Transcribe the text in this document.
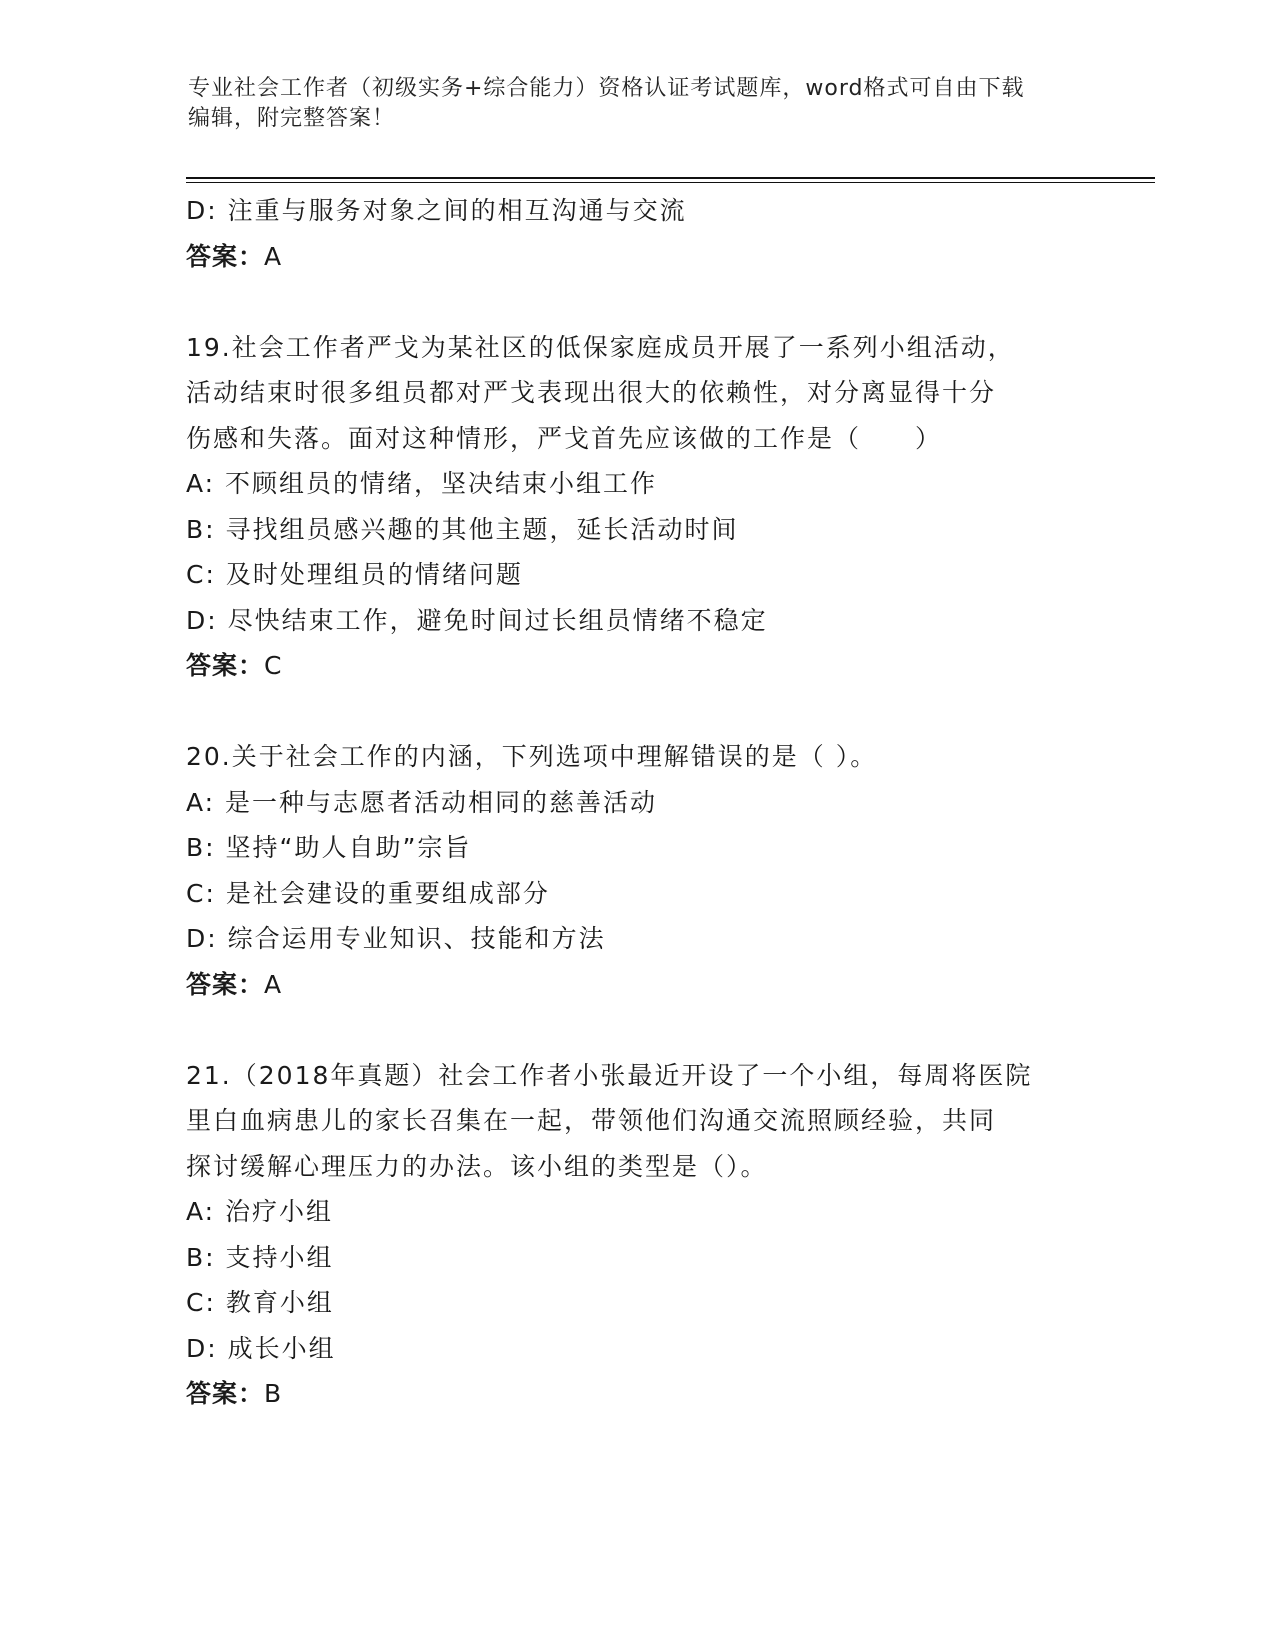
专业社会工作者（初级实务+综合能力）资格认证考试题库，word格式可自由下载
编辑，附完整答案！
D: 注重与服务对象之间的相互沟通与交流
答案：A
19.社会工作者严戈为某社区的低保家庭成员开展了一系列小组活动，
活动结束时很多组员都对严戈表现出很大的依赖性，对分离显得十分
伤感和失落。面对这种情形，严戈首先应该做的工作是（　　）
A: 不顾组员的情绪，坚决结束小组工作
B: 寻找组员感兴趣的其他主题，延长活动时间
C: 及时处理组员的情绪问题
D: 尽快结束工作，避免时间过长组员情绪不稳定
答案：C
20.关于社会工作的内涵，下列选项中理解错误的是（ ）。
A: 是一种与志愿者活动相同的慈善活动
B: 坚持“助人自助”宗旨
C: 是社会建设的重要组成部分
D: 综合运用专业知识、技能和方法
答案：A
21.（2018年真题）社会工作者小张最近开设了一个小组，每周将医院
里白血病患儿的家长召集在一起，带领他们沟通交流照顾经验，共同
探讨缓解心理压力的办法。该小组的类型是（）。
A: 治疗小组
B: 支持小组
C: 教育小组
D: 成长小组
答案：B
